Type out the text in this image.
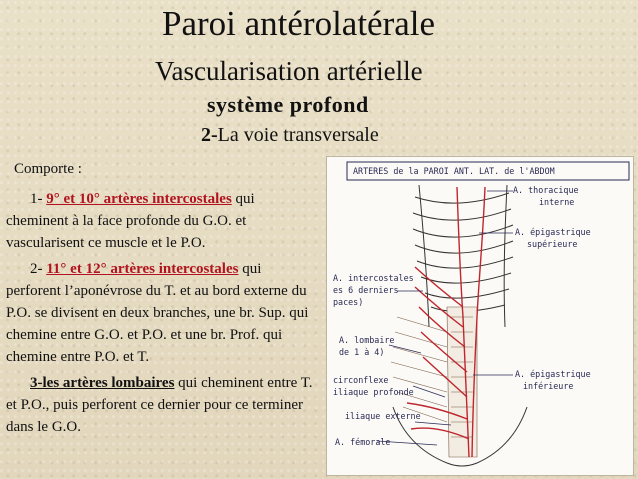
Paroi antérolatérale
Vascularisation artérielle
système profond
2-La voie transversale

Comporte :

1- 9° et 10° artères intercostales qui cheminent à la face profonde du G.O. et vascularisent ce muscle et le P.O.

2- 11° et 12° artères intercostales qui perforent l’aponévrose du T. et au bord externe du P.O. se divisent en deux branches, une br. Sup. qui chemine entre G.O. et P.O. et une br. Prof. qui chemine entre P.O. et T.

3-les artères lombaires qui cheminent entre T. et P.O., puis perforent ce dernier pour ce terminer dans le G.O.

ARTERES de la PAROI ANT. LAT. de l'ABDOM
A. thoracique
interne
A. épigastrique
supérieure
A. intercostales
es 6 derniers
paces)
A. lombaire
de 1 à 4)
circonflexe
iliaque profonde
A. épigastrique
inférieure
iliaque externe
A. fémorale
